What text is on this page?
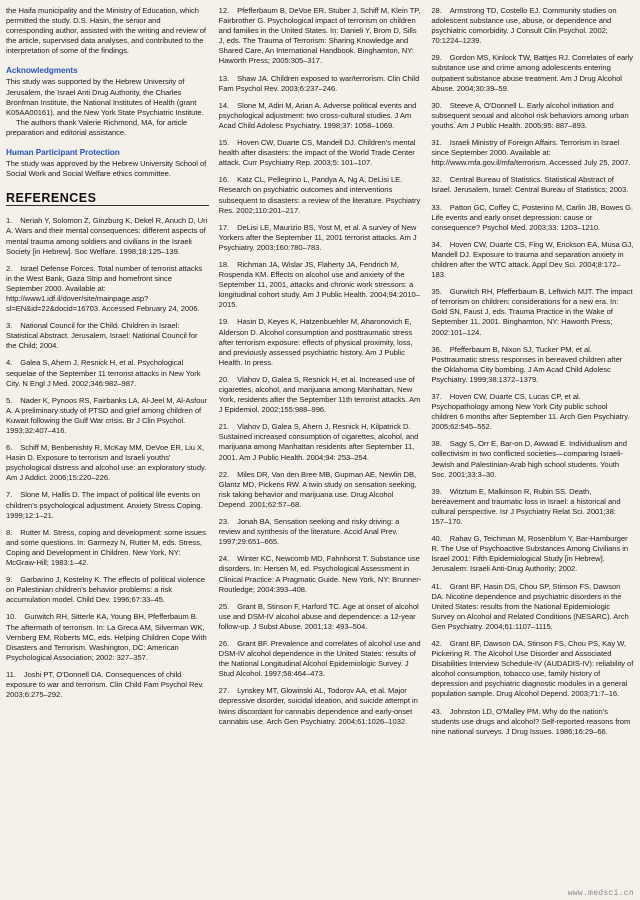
the Haifa municipality and the Ministry of Education, which permitted the study. D.S. Hasin, the senior and corresponding author, assisted with the writing and review of the article, supervised data analyses, and contributed to the interpretation of some of the findings.

Acknowledgments

This study was supported by the Hebrew University of Jerusalem, the Israel Anti Drug Authority, the Charles Bronfman Institute, the National Institutes of Health (grant K05AA00161), and the New York State Psychiatric Institute.

The authors thank Valerie Richmond, MA, for article preparation and editorial assistance.

Human Participant Protection

The study was approved by the Hebrew University School of Social Work and Social Welfare ethics committee.

REFERENCES
1. Neriah Y, Solomon Z, Ginzburg K, Dekel R, Anuch D, Uri A. Wars and their mental consequences: different aspects of mental trauma among soldiers and civilians in the Israeli Society [in Hebrew]. Soc Welfare. 1998;18:125–139.
2. Israel Defense Forces. Total number of terrorist attacks in the West Bank, Gaza Strip and homefront since September 2000. Available at: http://www1.idf.il/dover/site/mainpage.asp?sl=EN&id=22&docid=16703. Accessed February 24, 2006.
3. National Council for the Child. Children in Israel: Statistical Abstract. Jerusalem, Israel: National Council for the Child; 2004.
4. Galea S, Ahern J, Resnick H, et al. Psychological sequelae of the September 11 terrorist attacks in New York City. N Engl J Med. 2002;346:982–987.
5. Nader K, Pynoos RS, Fairbanks LA, Al-Jeel M, Al-Asfour A. A preliminary study of PTSD and grief among children of Kuwait following the Gulf War crisis. Br J Clin Psychol. 1993;32:407–416.
6. Schiff M, Benbenishty R, McKay MM, DeVoe ER, Liu X, Hasin D. Exposure to terrorism and Israeli youths' psychological distress and alcohol use: an exploratory study. Am J Addict. 2006;15:220–226.
7. Slone M, Hallis D. The impact of political life events on children's psychological adjustment. Anxiety Stress Coping. 1999;12:1–21.
8. Rutter M. Stress, coping and development: some issues and some questions. In: Garmezy N, Rutter M, eds. Stress, Coping and Development in Children. New York, NY: McGraw-Hill; 1983:1–42.
9. Garbarino J, Kostelny K. The effects of political violence on Palestinian children's behavior problems: a risk accumulation model. Child Dev. 1996;67:33–45.
10. Gurwitch RH, Sitterle KA, Young BH, Pfefferbaum B. The aftermath of terrorism. In: La Greca AM, Silverman WK, Vernberg EM, Roberts MC, eds. Helping Children Cope With Disasters and Terrorism. Washington, DC: American Psychological Association; 2002: 327–357.
11. Joshi PT, O'Donnell DA. Consequences of child exposure to war and terrorism. Clin Child Fam Psychol Rev. 2003;6:275–292.
12. Pfefferbaum B, DeVoe ER, Stuber J, Schiff M, Klein TP, Fairbrother G. Psychological impact of terrorism on children and families in the United States. In: Danieli Y, Brom D, Sills J, eds. The Trauma of Terrorism: Sharing Knowledge and Shared Care, An International Handbook. Binghamton, NY: Haworth Press; 2005:305–317.
13. Shaw JA. Children exposed to war/terrorism. Clin Child Fam Psychol Rev. 2003;6:237–246.
14. Slone M, Adiri M, Arian A. Adverse political events and psychological adjustment: two cross-cultural studies. J Am Acad Child Adolesc Psychiatry. 1998;37: 1058–1069.
15. Hoven CW, Duarte CS, Mandell DJ. Children's mental health after disasters: the impact of the World Trade Center attack. Curr Psychiatry Rep. 2003;5: 101–107.
16. Katz CL, Pellegrino L, Pandya A, Ng A, DeLisi LE. Research on psychiatric outcomes and interventions subsequent to disasters: a review of the literature. Psychiatry Res. 2002;110:201–217.
17. DeLisi LE, Maurizio BS, Yost M, et al. A survey of New Yorkers after the September 11, 2001 terrorist attacks. Am J Psychiatry. 2003;160:780–783.
18. Richman JA, Wislar JS, Flaherty JA, Fendrich M, Rospenda KM. Effects on alcohol use and anxiety of the September 11, 2001, attacks and chronic work stressors: a longitudinal cohort study. Am J Public Health. 2004;94:2010–2015.
19. Hasin D, Keyes K, Hatzenbuehler M, Aharonovich E, Alderson D. Alcohol consumption and posttraumatic stress after terrorism exposure: effects of physical proximity, loss, and previously assessed psychiatric history. Am J Public Health. In press.
20. Vlahov D, Galea S, Resnick H, et al. Increased use of cigarettes, alcohol, and marijuana among Manhattan, New York, residents after the September 11th terrorist attacks. Am J Epidemiol. 2002;155:988–996.
21. Vlahov D, Galea S, Ahern J, Resnick H, Kilpatrick D. Sustained increased consumption of cigarettes, alcohol, and marijuana among Manhattan residents after September 11, 2001. Am J Public Health. 2004;94: 253–254.
22. Miles DR, Van den Bree MB, Gupman AE, Newlin DB, Glantz MD, Pickens RW. A twin study on sensation seeking, risk taking behavior and marijuana use. Drug Alcohol Depend. 2001;62:57–68.
23. Jonah BA. Sensation seeking and risky driving: a review and synthesis of the literature. Accid Anal Prev. 1997;29:651–665.
24. Winter KC, Newcomb MD, Fahnhorst T. Substance use disorders. In: Hersen M, ed. Psychological Assessment in Clinical Practice: A Pragmatic Guide. New York, NY: Brunner-Routledge; 2004:393–408.
25. Grant B, Stinson F, Harford TC. Age at onset of alcohol use and DSM-IV alcohol abuse and dependence: a 12-year follow-up. J Subst Abuse. 2001;13: 493–504.
26. Grant BF. Prevalence and correlates of alcohol use and DSM-IV alcohol dependence in the United States: results of the National Longitudinal Alcohol Epidemiologic Survey. J Stud Alcohol. 1997;58:464–473.
27. Lynskey MT, Glowinski AL, Todorov AA, et al. Major depressive disorder, suicidal ideation, and suicide attempt in twins discordant for cannabis dependence and early-onset cannabis use. Arch Gen Psychiatry. 2004;61:1026–1032.
28. Armstrong TD, Costello EJ. Community studies on adolescent substance use, abuse, or dependence and psychiatric comorbidity. J Consult Clin Psychol. 2002; 70:1224–1239.
29. Gordon MS, Kinlock TW, Battjes RJ. Correlates of early substance use and crime among adolescents entering outpatient substance abuse treatment. Am J Drug Alcohol Abuse. 2004;30:39–59.
30. Steeve A, O'Donnell L. Early alcohol initiation and subsequent sexual and alcohol risk behaviors among urban youths. Am J Public Health. 2005;95: 887–893.
31. Israeli Ministry of Foreign Affairs. Terrorism in Israel since September 2000. Available at: http://www.mfa.gov.il/mfa/terrorism. Accessed July 25, 2007.
32. Central Bureau of Statistics. Statistical Abstract of Israel. Jerusalem, Israel: Central Bureau of Statistics; 2003.
33. Patton GC, Coffey C, Posterino M, Carlin JB, Bowes G. Life events and early onset depression: cause or consequence? Psychol Med. 2003;33: 1203–1210.
34. Hoven CW, Duarte CS, Fing W, Erickson EA, Musa GJ, Mandell DJ. Exposure to trauma and separation anxiety in children after the WTC attack. Appl Dev Sci. 2004;8:172–183.
35. Gurwitch RH, Pfefferbaum B, Leftwich MJT. The impact of terrorism on children: considerations for a new era. In: Gold SN, Faust J, eds. Trauma Practice in the Wake of September 11, 2001. Binghamton, NY: Haworth Press; 2002:101–124.
36. Pfefferbaum B, Nixon SJ, Tucker PM, et al. Posttraumatic stress responses in bereaved children after the Oklahoma City bombing. J Am Acad Child Adolesc Psychiatry. 1999;38:1372–1379.
37. Hoven CW, Duarte CS, Lucas CP, et al. Psychopathology among New York City public school children 6 months after September 11. Arch Gen Psychiatry. 2005;62:545–552.
38. Sagy S, Orr E, Bar-on D, Awwad E. Individualism and collectivism in two conflicted societies—comparing Israeli-Jewish and Palestinian-Arab high school students. Youth Soc. 2001;33:3–30.
39. Witztum E, Malkinson R, Rubin SS. Death, bereavement and traumatic loss in Israel: a historical and cultural perspective. Isr J Psychiatry Relat Sci. 2001;38: 157–170.
40. Rahav G, Teichman M, Rosenblum Y, Bar-Hamburger R. The Use of Psychoactive Substances Among Civilians in Israel 2001: Fifth Epidemiological Study [in Hebrew]. Jerusalem: Israeli Anti-Drug Authority; 2002.
41. Grant BF, Hasin DS, Chou SP, Stinson FS, Dawson DA. Nicotine dependence and psychiatric disorders in the United States: results from the National Epidemiologic Survey on Alcohol and Related Conditions (NESARC). Arch Gen Psychiatry. 2004;61:1107–1115.
42. Grant BF, Dawson DA, Stinson FS, Chou PS, Kay W, Pickering R. The Alcohol Use Disorder and Associated Disabilities Interview Schedule-IV (AUDADIS-IV): reliability of alcohol consumption, tobacco use, family history of depression and psychiatric diagnostic modules in a general population sample. Drug Alcohol Depend. 2003;71:7–16.
43. Johnston LD, O'Malley PM. Why do the nation's students use drugs and alcohol? Self-reported reasons from nine national surveys. J Drug Issues. 1986;16:29–66.
www.medsci.cn
